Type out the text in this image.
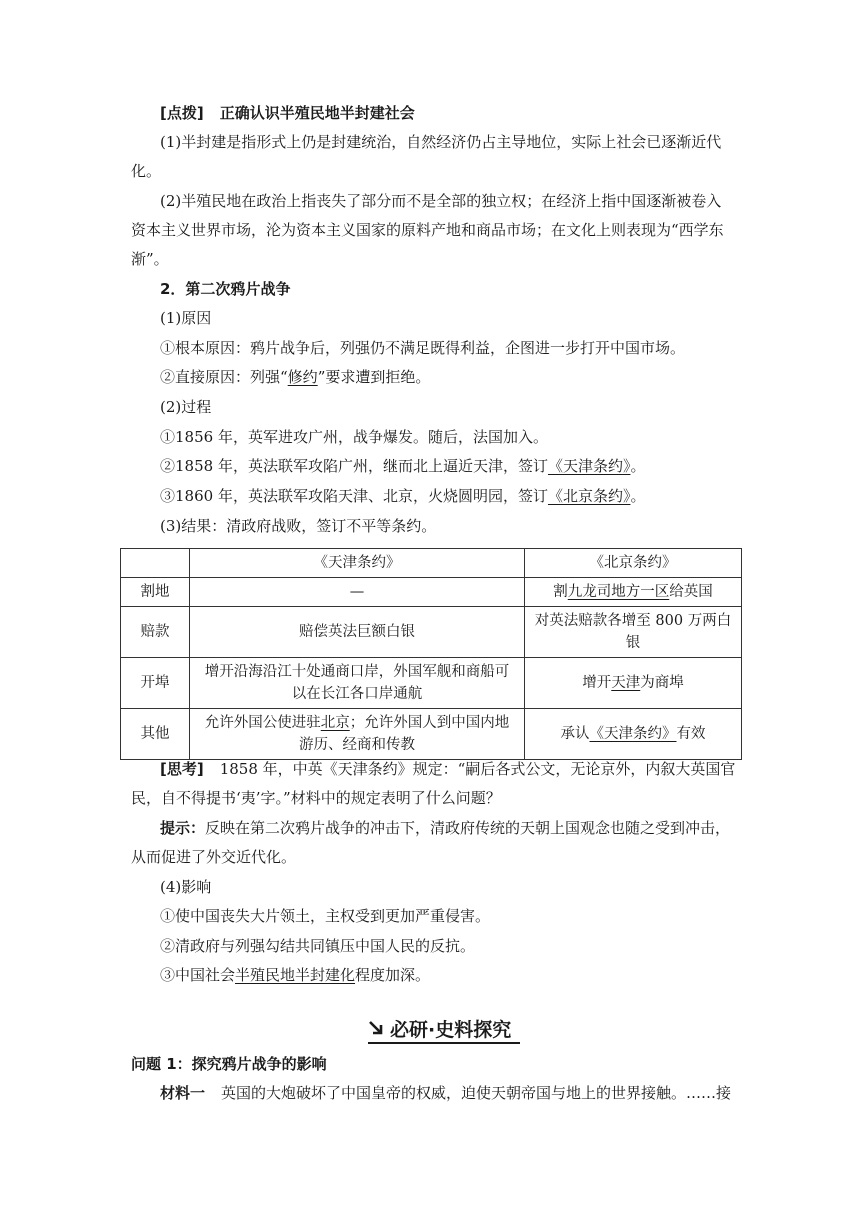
[点拨] 正确认识半殖民地半封建社会
(1)半封建是指形式上仍是封建统治，自然经济仍占主导地位，实际上社会已逐渐近代
化。
(2)半殖民地在政治上指丧失了部分而不是全部的独立权；在经济上指中国逐渐被卷入
资本主义世界市场，沦为资本主义国家的原料产地和商品市场；在文化上则表现为“西学东
渐”。
2．第二次鸦片战争
(1)原因
①根本原因：鸦片战争后，列强仍不满足既得利益，企图进一步打开中国市场。
②直接原因：列强“修约”要求遭到拒绝。
(2)过程
①1856 年，英军进攻广州，战争爆发。随后，法国加入。
②1858 年，英法联军攻陷广州，继而北上逼近天津，签订《天津条约》。
③1860 年，英法联军攻陷天津、北京，火烧圆明园，签订《北京条约》。
(3)结果：清政府战败，签订不平等条约。
	《天津条约》	《北京条约》
割地	—	割九龙司地方一区给英国
赔款	赔偿英法巨额白银	对英法赔款各增至 800 万两白银
开埠	增开沿海沿江十处通商口岸，外国军舰和商船可
以在长江各口岸通航	增开天津为商埠
其他	允许外国公使进驻北京；允许外国人到中国内地
游历、经商和传教	承认《天津条约》有效
[思考] 1858 年，中英《天津条约》规定：“嗣后各式公文，无论京外，内叙大英国官
民，自不得提书‘夷’字。”材料中的规定表明了什么问题？
提示：反映在第二次鸦片战争的冲击下，清政府传统的天朝上国观念也随之受到冲击，
从而促进了外交近代化。
(4)影响
①使中国丧失大片领土，主权受到更加严重侵害。
②清政府与列强勾结共同镇压中国人民的反抗。
③中国社会半殖民地半封建化程度加深。
必研·史料探究
问题 1：探究鸦片战争的影响
材料一 英国的大炮破坏了中国皇帝的权威，迫使天朝帝国与地上的世界接触。……接
